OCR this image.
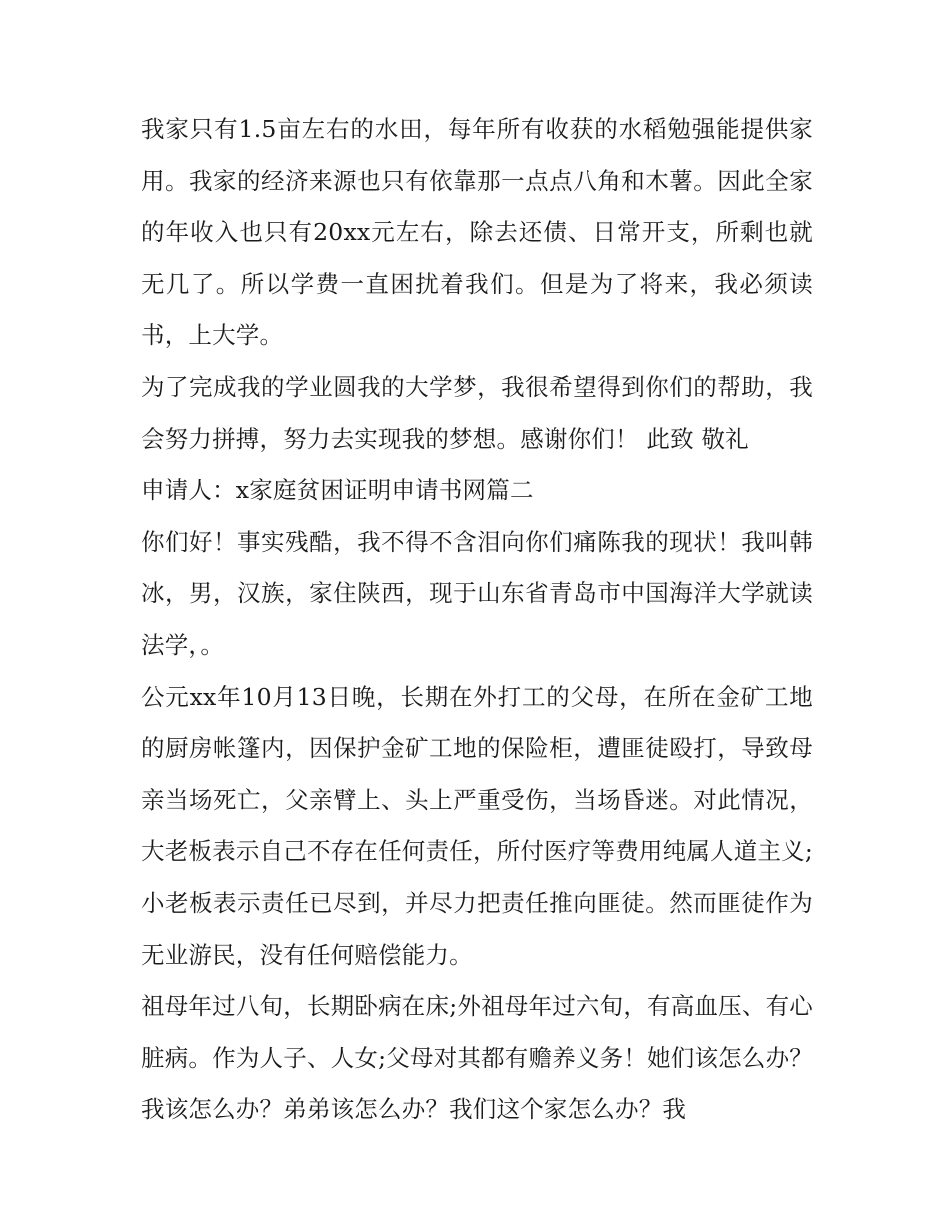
我家只有1.5亩左右的水田，每年所有收获的水稻勉强能提供家用。我家的经济来源也只有依靠那一点点八角和木薯。因此全家的年收入也只有20xx元左右，除去还债、日常开支，所剩也就无几了。所以学费一直困扰着我们。但是为了将来，我必须读书，上大学。

为了完成我的学业圆我的大学梦，我很希望得到你们的帮助，我会努力拼搏，努力去实现我的梦想。感谢你们！ 此致 敬礼

申请人：x家庭贫困证明申请书网篇二

你们好！事实残酷，我不得不含泪向你们痛陈我的现状！我叫韩冰，男，汉族，家住陕西，现于山东省青岛市中国海洋大学就读法学，。

公元xx年10月13日晚，长期在外打工的父母，在所在金矿工地的厨房帐篷内，因保护金矿工地的保险柜，遭匪徒殴打，导致母亲当场死亡，父亲臂上、头上严重受伤，当场昏迷。对此情况，大老板表示自己不存在任何责任，所付医疗等费用纯属人道主义;小老板表示责任已尽到，并尽力把责任推向匪徒。然而匪徒作为无业游民，没有任何赔偿能力。

祖母年过八旬，长期卧病在床;外祖母年过六旬，有高血压、有心脏病。作为人子、人女;父母对其都有赡养义务！她们该怎么办？我该怎么办？弟弟该怎么办？我们这个家怎么办？我
